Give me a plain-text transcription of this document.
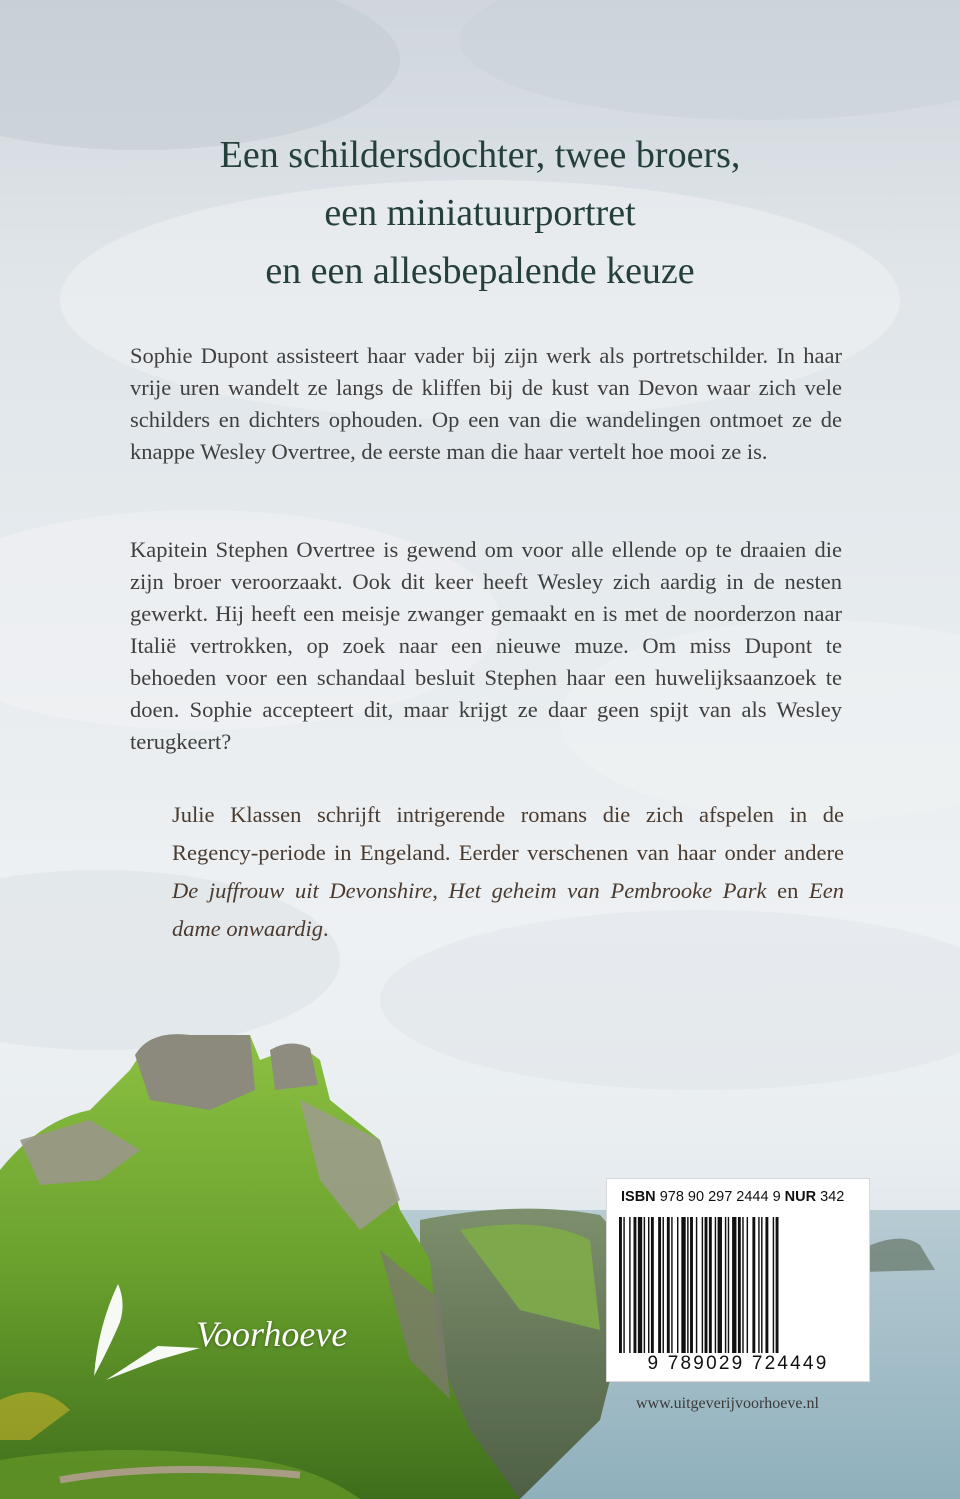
Een schildersdochter, twee broers,
een miniatuurportret
en een allesbepalende keuze

Sophie Dupont assisteert haar vader bij zijn werk als portretschilder. In haar vrije uren wandelt ze langs de kliffen bij de kust van Devon waar zich vele schilders en dichters ophouden. Op een van die wandelingen ontmoet ze de knappe Wesley Overtree, de eerste man die haar vertelt hoe mooi ze is.

Kapitein Stephen Overtree is gewend om voor alle ellende op te draaien die zijn broer veroorzaakt. Ook dit keer heeft Wesley zich aardig in de nesten gewerkt. Hij heeft een meisje zwanger gemaakt en is met de noorderzon naar Italië vertrokken, op zoek naar een nieuwe muze. Om miss Dupont te behoeden voor een schandaal besluit Stephen haar een huwelijksaanzoek te doen. Sophie accepteert dit, maar krijgt ze daar geen spijt van als Wesley terugkeert?

Julie Klassen schrijft intrigerende romans die zich afspelen in de Regency-periode in Engeland. Eerder verschenen van haar onder andere De juffrouw uit Devonshire, Het geheim van Pembrooke Park en Een dame onwaardig.

Voorhoeve
ISBN 978 90 297 2444 9 NUR 342
9 789029 724449
www.uitgeverijvoorhoeve.nl
